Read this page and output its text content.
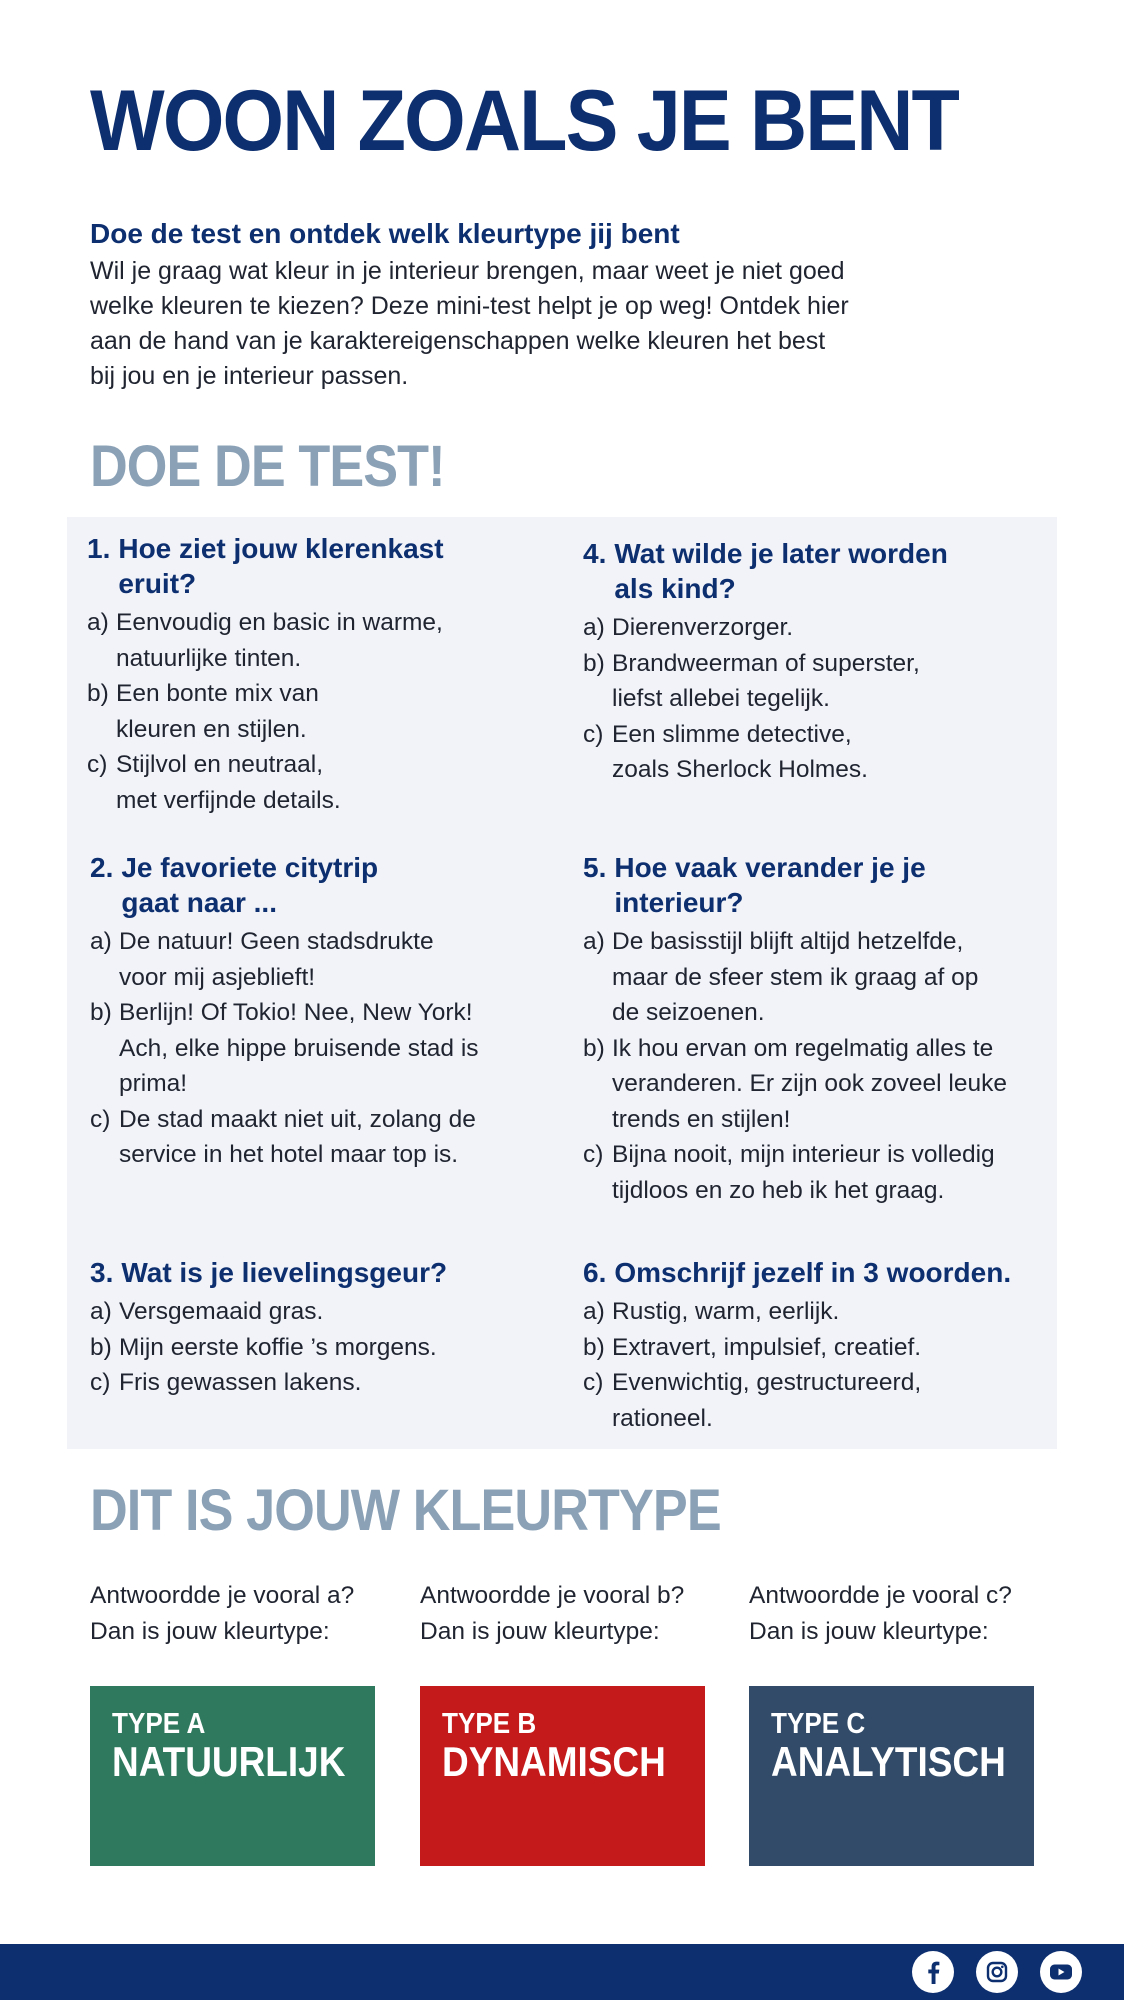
WOON ZOALS JE BENT

Doe de test en ontdek welk kleurtype jij bent

Wil je graag wat kleur in je interieur brengen, maar weet je niet goed welke kleuren te kiezen? Deze mini-test helpt je op weg! Ontdek hier aan de hand van je karaktereigenschappen welke kleuren het best bij jou en je interieur passen.

DOE DE TEST!
1. Hoe ziet jouw klerenkast eruit?
a) Eenvoudig en basic in warme, natuurlijke tinten.
b) Een bonte mix van kleuren en stijlen.
c) Stijlvol en neutraal, met verfijnde details.
2. Je favoriete citytrip gaat naar ...
a) De natuur! Geen stadsdrukte voor mij asjeblieft!
b) Berlijn! Of Tokio! Nee, New York! Ach, elke hippe bruisende stad is prima!
c) De stad maakt niet uit, zolang de service in het hotel maar top is.
3. Wat is je lievelingsgeur?
a) Versgemaaid gras.
b) Mijn eerste koffie ’s morgens.
c) Fris gewassen lakens.
4. Wat wilde je later worden als kind?
a) Dierenverzorger.
b) Brandweerman of superster, liefst allebei tegelijk.
c) Een slimme detective, zoals Sherlock Holmes.
5. Hoe vaak verander je je interieur?
a) De basisstijl blijft altijd hetzelfde, maar de sfeer stem ik graag af op de seizoenen.
b) Ik hou ervan om regelmatig alles te veranderen. Er zijn ook zoveel leuke trends en stijlen!
c) Bijna nooit, mijn interieur is volledig tijdloos en zo heb ik het graag.
6. Omschrijf jezelf in 3 woorden.
a) Rustig, warm, eerlijk.
b) Extravert, impulsief, creatief.
c) Evenwichtig, gestructureerd, rationeel.
DIT IS JOUW KLEURTYPE
Antwoordde je vooral a?
Dan is jouw kleurtype:
Antwoordde je vooral b?
Dan is jouw kleurtype:
Antwoordde je vooral c?
Dan is jouw kleurtype:
TYPE A
NATUURLIJK
TYPE B
DYNAMISCH
TYPE C
ANALYTISCH
